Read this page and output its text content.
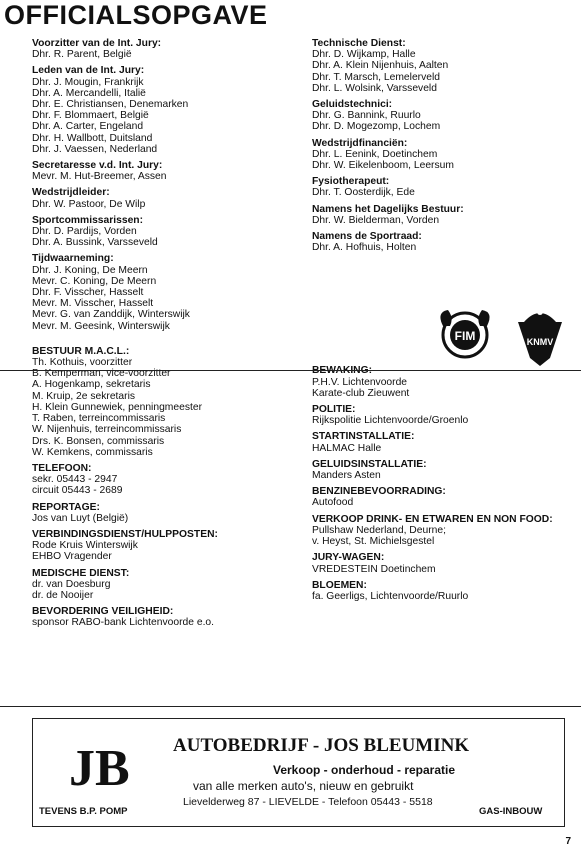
OFFICIALSOPGAVE

Voorzitter van de Int. Jury:
Dhr. R. Parent, België
Leden van de Int. Jury:
Dhr. J. Mougin, Frankrijk
Dhr. A. Mercandelli, Italië
Dhr. E. Christiansen, Denemarken
Dhr. F. Blommaert, België
Dhr. A. Carter, Engeland
Dhr. H. Wallbott, Duitsland
Dhr. J. Vaessen, Nederland
Secretaresse v.d. Int. Jury:
Mevr. M. Hut-Breemer, Assen
Wedstrijdleider:
Dhr. W. Pastoor, De Wilp
Sportcommissarissen:
Dhr. D. Pardijs, Vorden
Dhr. A. Bussink, Varsseveld
Tijdwaarneming:
Dhr. J. Koning, De Meern
Mevr. C. Koning, De Meern
Dhr. F. Visscher, Hasselt
Mevr. M. Visscher, Hasselt
Mevr. G. van Zanddijk, Winterswijk
Mevr. M. Geesink, Winterswijk
BESTUUR M.A.C.L.:
Th. Kothuis, voorzitter
B. Kemperman, vice-voorzitter
A. Hogenkamp, sekretaris
M. Kruip, 2e sekretaris
H. Klein Gunnewiek, penningmeester
T. Raben, terreincommissaris
W. Nijenhuis, terreincommissaris
Drs. K. Bonsen, commissaris
W. Kemkens, commissaris
TELEFOON:
sekr. 05443 - 2947
circuit 05443 - 2689
REPORTAGE:
Jos van Luyt (België)
VERBINDINGSDIENST/HULPPOSTEN:
Rode Kruis Winterswijk
EHBO Vragender
MEDISCHE DIENST:
dr. van Doesburg
dr. de Nooijer
BEVORDERING VEILIGHEID:
sponsor RABO-bank Lichtenvoorde e.o.
Technische Dienst:
Dhr. D. Wijkamp, Halle
Dhr. A. Klein Nijenhuis, Aalten
Dhr. T. Marsch, Lemelerveld
Dhr. L. Wolsink, Varsseveld
Geluidstechnici:
Dhr. G. Bannink, Ruurlo
Dhr. D. Mogezomp, Lochem
Wedstrijdfinanciën:
Dhr. L. Eenink, Doetinchem
Dhr. W. Eikelenboom, Leersum
Fysiotherapeut:
Dhr. T. Oosterdijk, Ede
Namens het Dagelijks Bestuur:
Dhr. W. Bielderman, Vorden
Namens de Sportraad:
Dhr. A. Hofhuis, Holten
BEWAKING:
P.H.V. Lichtenvoorde
Karate-club Zieuwent
POLITIE:
Rijkspolitie Lichtenvoorde/Groenlo
STARTINSTALLATIE:
HALMAC Halle
GELUIDSINSTALLATIE:
Manders Asten
BENZINEBEVOORRADING:
Autofood
VERKOOP DRINK- EN ETWAREN EN NON FOOD:
Pullshaw Nederland, Deurne;
v. Heyst, St. Michielsgestel
JURY-WAGEN:
VREDESTEIN Doetinchem
BLOEMEN:
fa. Geerligs, Lichtenvoorde/Ruurlo
FIM	KNMV
JB AUTOBEDRIJF - JOS BLEUMINK
Verkoop - onderhoud - reparatie
van alle merken auto's, nieuw en gebruikt
Lievelderweg 87 - LIEVELDE - Telefoon 05443 - 5518
TEVENS B.P. POMP	GAS-INBOUW
7
